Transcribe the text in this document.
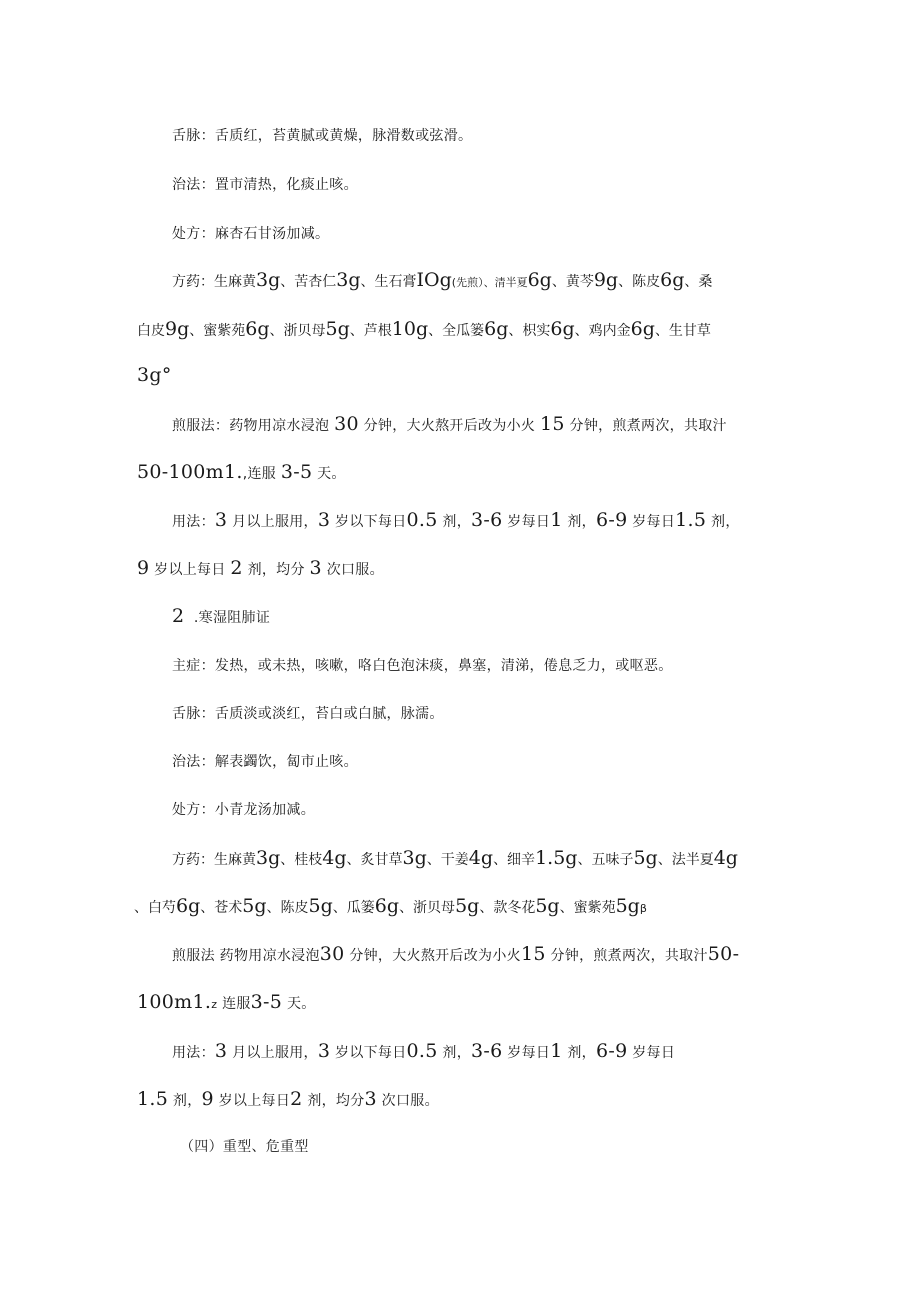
舌脉：舌质红，苔黄腻或黄燥，脉滑数或弦滑。
治法：置市清热，化痰止咳。
处方：麻杏石甘汤加减。
方药：生麻黄3g、苦杏仁3g、生石膏IOg(先煎）、清半夏6g、黄芩9g、陈皮6g、桑
白皮9g、蜜紫苑6g、浙贝母5g、芦根10g、全瓜篓6g、枳实6g、鸡内金6g、生甘草
3g°
煎服法：药物用凉水浸泡 30 分钟，大火熬开后改为小火 15 分钟，煎煮两次，共取汁
50-100m1.,连服 3-5 天。
用法：3 月以上服用，3 岁以下每日0.5 剂，3-6 岁每日1 剂，6-9 岁每日1.5 剂，
9 岁以上每日 2 剂，均分 3 次口服。
2 .寒湿阻肺证
主症：发热，或未热，咳嗽，咯白色泡沫痰，鼻塞，清涕，倦息乏力，或呕恶。
舌脉：舌质淡或淡红，苔白或白腻，脉濡。
治法：解表蠲饮，匐市止咳。
处方：小青龙汤加减。
方药：生麻黄3g、桂枝4g、炙甘草3g、干姜4g、细辛1.5g、五味子5g、法半夏4g
、白芍6g、苍术5g、陈皮5g、瓜篓6g、浙贝母5g、款冬花5g、蜜紫苑5gβ
煎服法 药物用凉水浸泡30 分钟，大火熬开后改为小火15 分钟，煎煮两次，共取汁50-
100m1.z 连服3-5 天。
用法：3 月以上服用，3 岁以下每日0.5 剂，3-6 岁每日1 剂，6-9 岁每日
1.5 剂，9 岁以上每日2 剂，均分3 次口服。
（四）重型、危重型
